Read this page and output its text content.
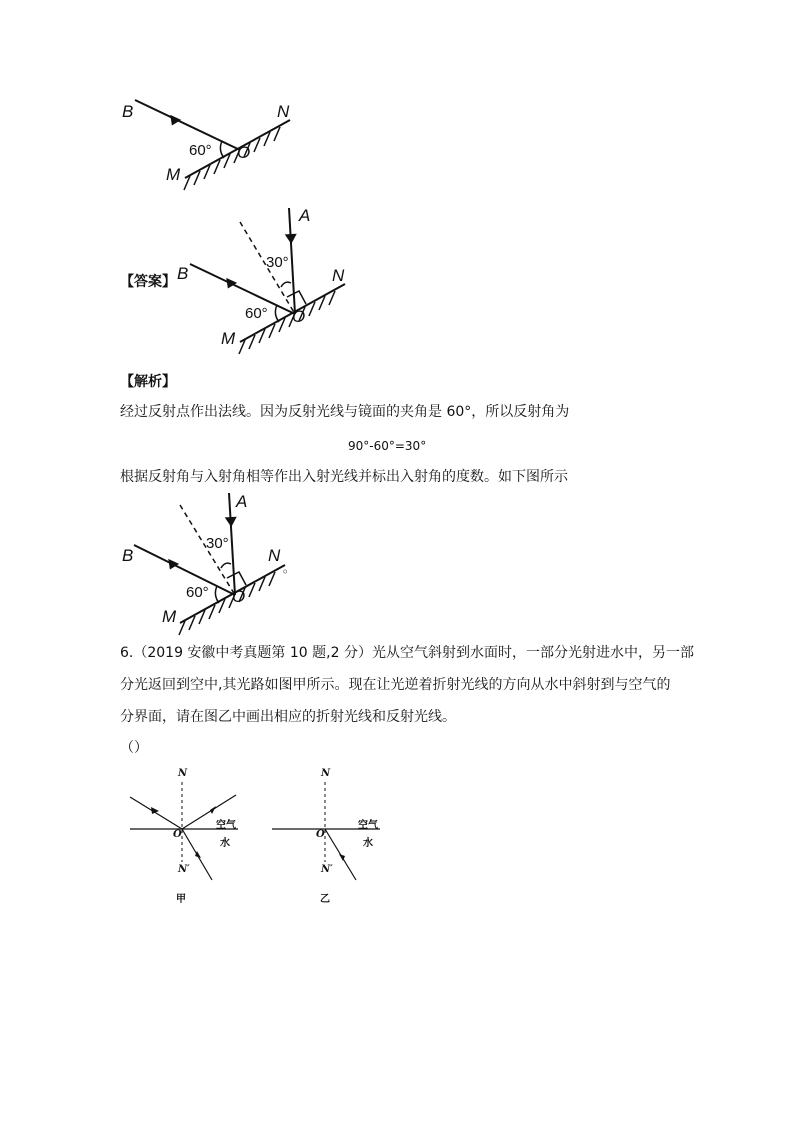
B	N
M
O
60°
【答案】
A
B	N
M
O
30°
60°
【解析】
经过反射点作出法线。因为反射光线与镜面的夹角是 60°，所以反射角为
90°-60°=30°
根据反射角与入射角相等作出入射光线并标出入射角的度数。如下图所示
A
B	N
。
M
O
30°
60°
6.（2019 安徽中考真题第 10 题,2 分）光从空气斜射到水面时，一部分光射进水中，另一部
分光返回到空中,其光路如图甲所示。现在让光逆着折射光线的方向从水中斜射到与空气的
分界面，请在图乙中画出相应的折射光线和反射光线。
（）
N
O
N′
空气
水
甲
N
O
N′
空气
水
乙
